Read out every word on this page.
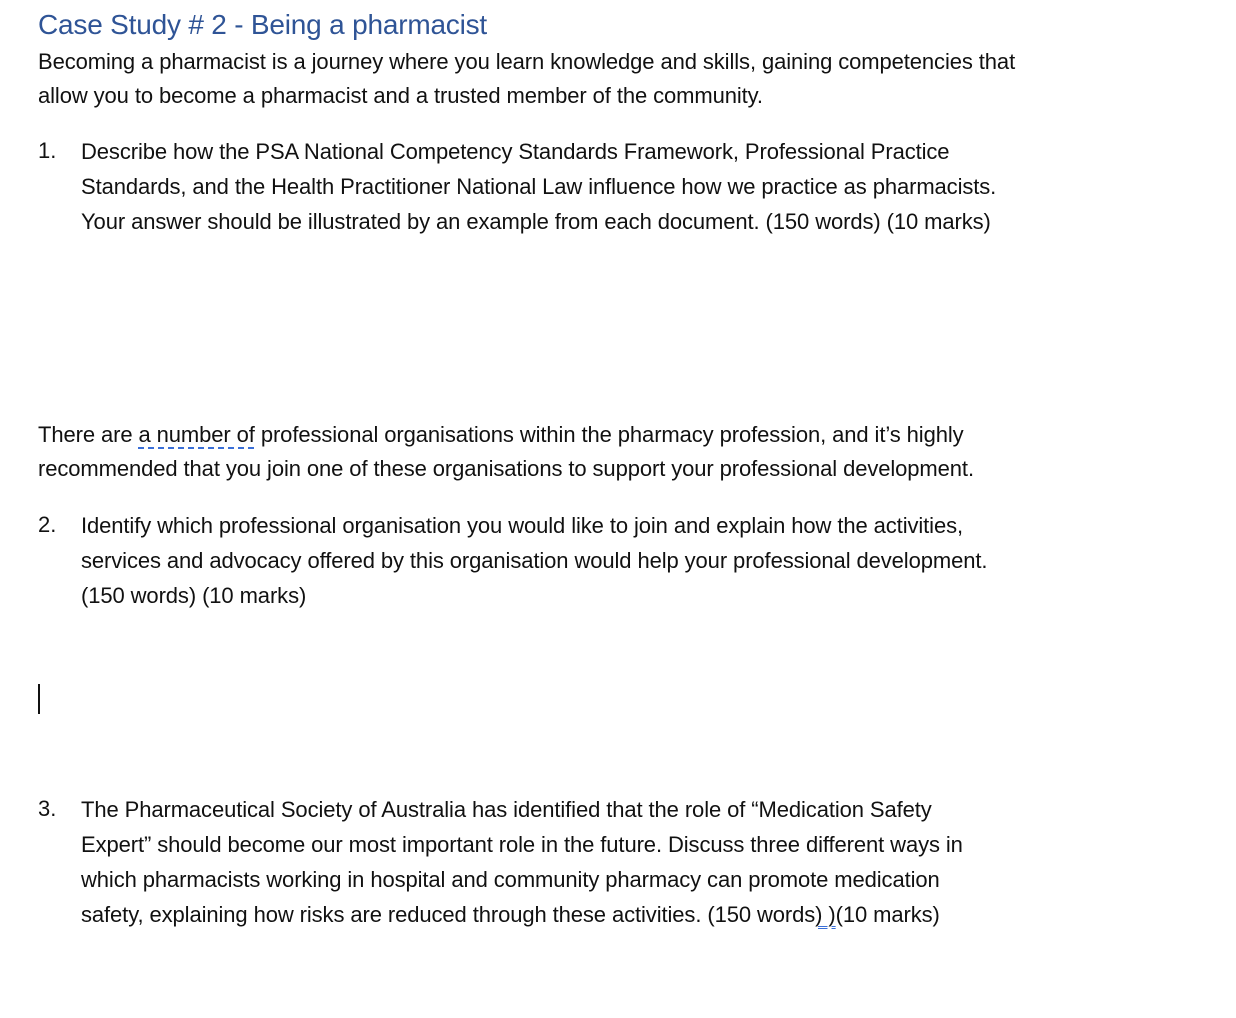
Case Study # 2 - Being a pharmacist
Becoming a pharmacist is a journey where you learn knowledge and skills, gaining competencies that
allow you to become a pharmacist and a trusted member of the community.
1. Describe how the PSA National Competency Standards Framework, Professional Practice
Standards, and the Health Practitioner National Law influence how we practice as pharmacists.
Your answer should be illustrated by an example from each document. (150 words) (10 marks)
There are a number of professional organisations within the pharmacy profession, and it’s highly
recommended that you join one of these organisations to support your professional development.
2. Identify which professional organisation you would like to join and explain how the activities,
services and advocacy offered by this organisation would help your professional development.
(150 words) (10 marks)
3. The Pharmaceutical Society of Australia has identified that the role of “Medication Safety
Expert” should become our most important role in the future. Discuss three different ways in
which pharmacists working in hospital and community pharmacy can promote medication
safety, explaining how risks are reduced through these activities. (150 words) )(10 marks)
